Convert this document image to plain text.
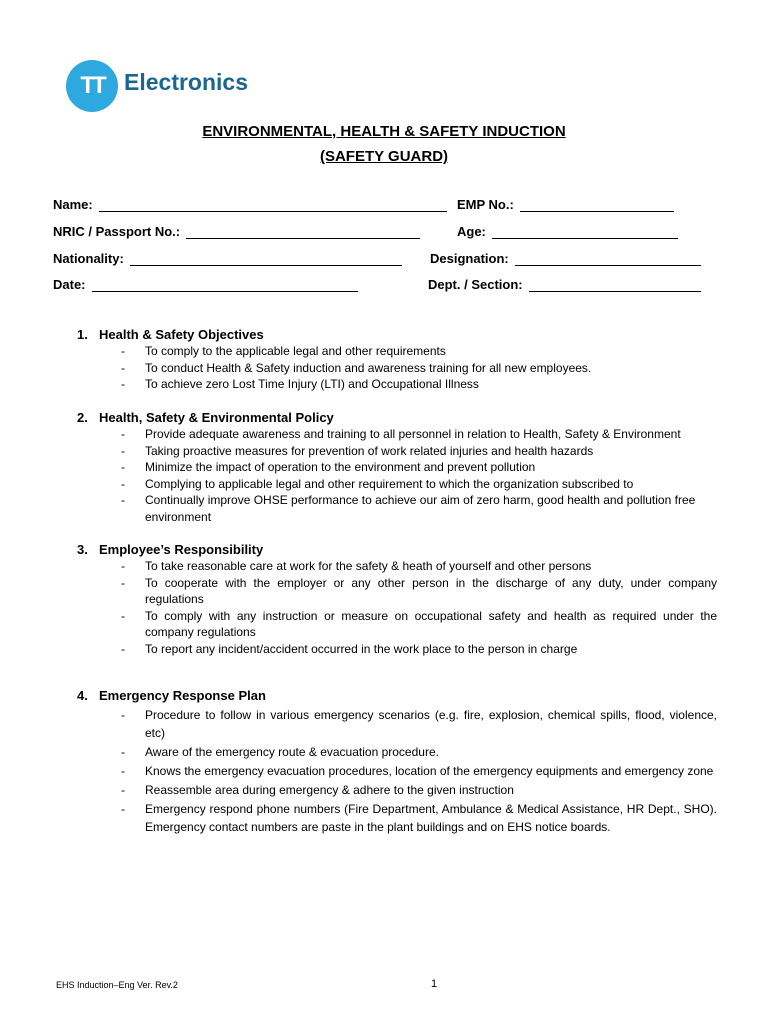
TT Electronics
ENVIRONMENTAL, HEALTH & SAFETY INDUCTION
(SAFETY GUARD)
Name:	EMP No.:
NRIC / Passport No.:	Age:
Nationality:	Designation:
Date:	Dept. / Section:
1. Health & Safety Objectives
- To comply to the applicable legal and other requirements
- To conduct Health & Safety induction and awareness training for all new employees.
- To achieve zero Lost Time Injury (LTI) and Occupational Illness
2. Health, Safety & Environmental Policy
- Provide adequate awareness and training to all personnel in relation to Health, Safety & Environment
- Taking proactive measures for prevention of work related injuries and health hazards
- Minimize the impact of operation to the environment and prevent pollution
- Complying to applicable legal and other requirement to which the organization subscribed to
- Continually improve OHSE performance to achieve our aim of zero harm, good health and pollution free environment
3. Employee’s Responsibility
- To take reasonable care at work for the safety & heath of yourself and other persons
- To cooperate with the employer or any other person in the discharge of any duty, under company regulations
- To comply with any instruction or measure on occupational safety and health as required under the company regulations
- To report any incident/accident occurred in the work place to the person in charge
4. Emergency Response Plan
- Procedure to follow in various emergency scenarios (e.g. fire, explosion, chemical spills, flood, violence, etc)
- Aware of the emergency route & evacuation procedure.
- Knows the emergency evacuation procedures, location of the emergency equipments and emergency zone
- Reassemble area during emergency & adhere to the given instruction
- Emergency respond phone numbers (Fire Department, Ambulance & Medical Assistance, HR Dept., SHO). Emergency contact numbers are paste in the plant buildings and on EHS notice boards.
EHS Induction–Eng Ver. Rev.2	1
